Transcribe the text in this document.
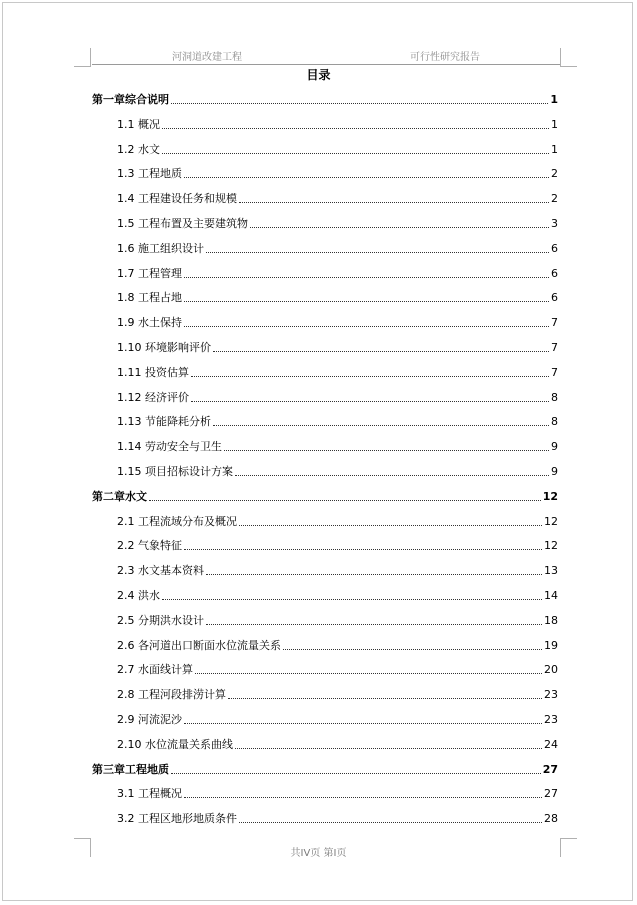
河洞道改建工程	可行性研究报告
目录
第一章综合说明	1
1.1 概况	1
1.2 水文	1
1.3 工程地质	2
1.4 工程建设任务和规模	2
1.5 工程布置及主要建筑物	3
1.6 施工组织设计	6
1.7 工程管理	6
1.8 工程占地	6
1.9 水土保持	7
1.10 环境影响评价	7
1.11 投资估算	7
1.12 经济评价	8
1.13 节能降耗分析	8
1.14 劳动安全与卫生	9
1.15 项目招标设计方案	9
第二章水文	12
2.1 工程流域分布及概况	12
2.2 气象特征	12
2.3 水文基本资料	13
2.4 洪水	14
2.5 分期洪水设计	18
2.6 各河道出口断面水位流量关系	19
2.7 水面线计算	20
2.8 工程河段排涝计算	23
2.9 河流泥沙	23
2.10 水位流量关系曲线	24
第三章工程地质	27
3.1 工程概况	27
3.2 工程区地形地质条件	28
共IV页 第I页
